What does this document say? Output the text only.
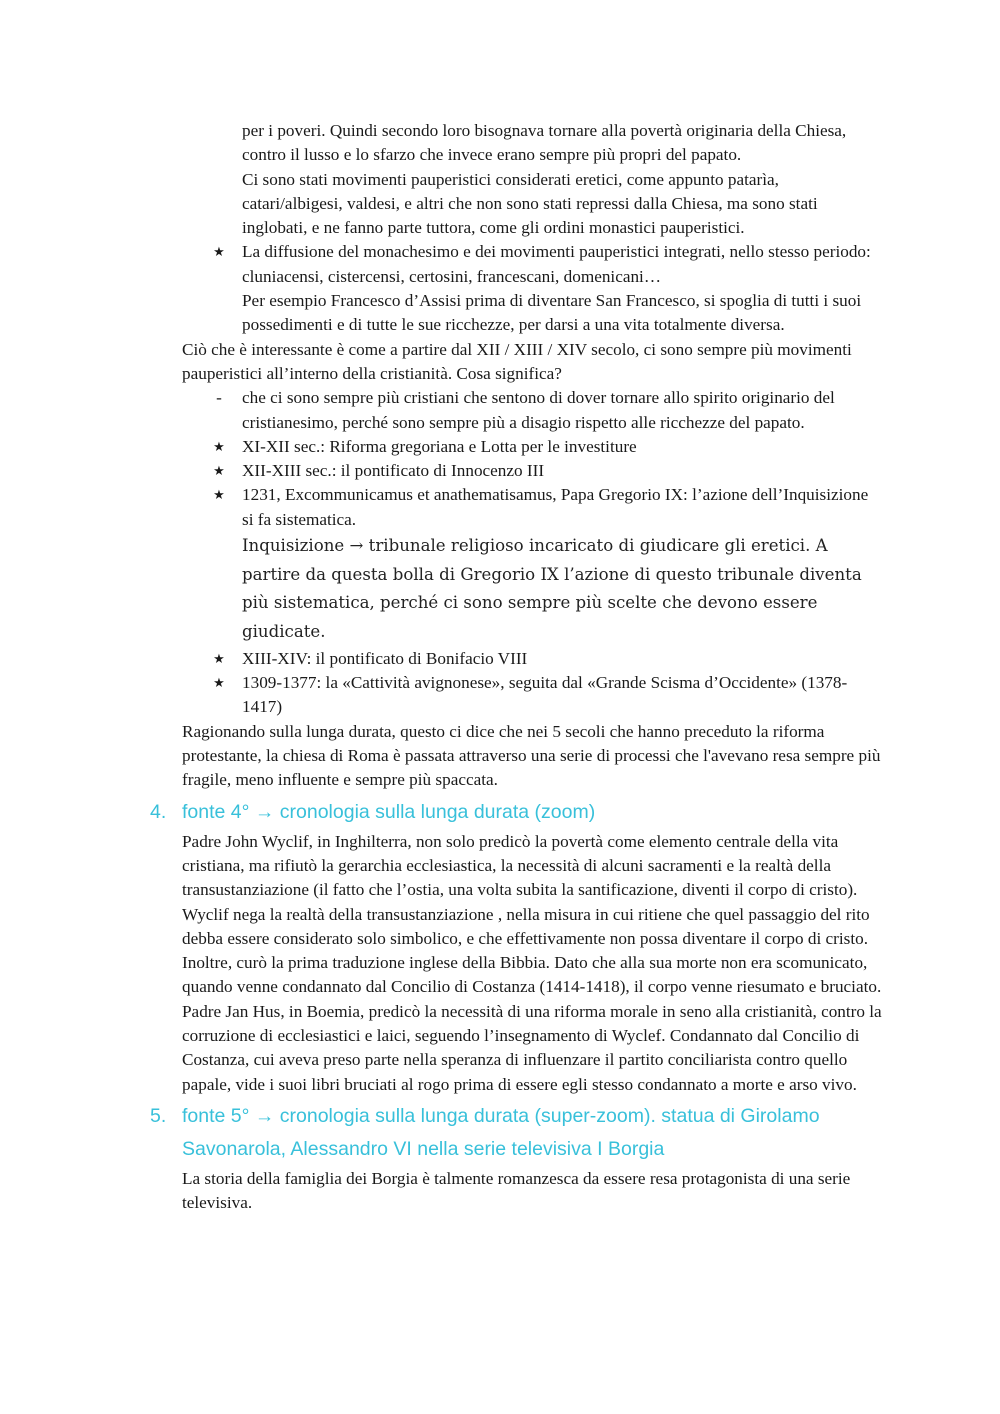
per i poveri. Quindi secondo loro bisognava tornare alla povertà originaria della Chiesa, contro il lusso e lo sfarzo che invece erano sempre più propri del papato.

Ci sono stati movimenti pauperistici considerati eretici, come appunto patarìa, catari/albigesi, valdesi, e altri che non sono stati repressi dalla Chiesa, ma sono stati inglobati, e ne fanno parte tuttora, come gli ordini monastici pauperistici.

★ La diffusione del monachesimo e dei movimenti pauperistici integrati, nello stesso periodo: cluniacensi, cistercensi, certosini, francescani, domenicani…

Per esempio Francesco d’Assisi prima di diventare San Francesco, si spoglia di tutti i suoi possedimenti e di tutte le sue ricchezze, per darsi a una vita totalmente diversa.

Ciò che è interessante è come a partire dal XII / XIII / XIV secolo, ci sono sempre più movimenti pauperistici all’interno della cristianità. Cosa significa?

-	che ci sono sempre più cristiani che sentono di dover tornare allo spirito originario del cristianesimo, perché sono sempre più a disagio rispetto alle ricchezze del papato.
★ XI-XII sec.: Riforma gregoriana e Lotta per le investiture
★ XII-XIII sec.: il pontificato di Innocenzo III
★ 1231, Excommunicamus et anathematisamus, Papa Gregorio IX: l’azione dell’Inquisizione si fa sistematica.

Inquisizione → tribunale religioso incaricato di giudicare gli eretici. A partire da questa bolla di Gregorio IX l’azione di questo tribunale diventa più sistematica, perché ci sono sempre più scelte che devono essere giudicate.

★ XIII-XIV: il pontificato di Bonifacio VIII
★ 1309-1377: la «Cattività avignonese», seguita dal «Grande Scisma d’Occidente» (1378-1417)

Ragionando sulla lunga durata, questo ci dice che nei 5 secoli che hanno preceduto la riforma protestante, la chiesa di Roma è passata attraverso una serie di processi che l'avevano resa sempre più fragile, meno influente e sempre più spaccata.

4. fonte 4° → cronologia sulla lunga durata (zoom)

Padre John Wyclif, in Inghilterra, non solo predicò la povertà come elemento centrale della vita cristiana, ma rifiutò la gerarchia ecclesiastica, la necessità di alcuni sacramenti e la realtà della transustanziazione (il fatto che l’ostia, una volta subita la santificazione, diventi il corpo di cristo). Wyclif nega la realtà della transustanziazione , nella misura in cui ritiene che quel passaggio del rito debba essere considerato solo simbolico, e che effettivamente non possa diventare il corpo di cristo. Inoltre, curò la prima traduzione inglese della Bibbia. Dato che alla sua morte non era scomunicato, quando venne condannato dal Concilio di Costanza (1414-1418), il corpo venne riesumato e bruciato.

Padre Jan Hus, in Boemia, predicò la necessità di una riforma morale in seno alla cristianità, contro la corruzione di ecclesiastici e laici, seguendo l’insegnamento di Wyclef. Condannato dal Concilio di Costanza, cui aveva preso parte nella speranza di influenzare il partito conciliarista contro quello papale, vide i suoi libri bruciati al rogo prima di essere egli stesso condannato a morte e arso vivo.

5. fonte 5° → cronologia sulla lunga durata (super-zoom). statua di Girolamo Savonarola, Alessandro VI nella serie televisiva I Borgia

La storia della famiglia dei Borgia è talmente romanzesca da essere resa protagonista di una serie televisiva.
